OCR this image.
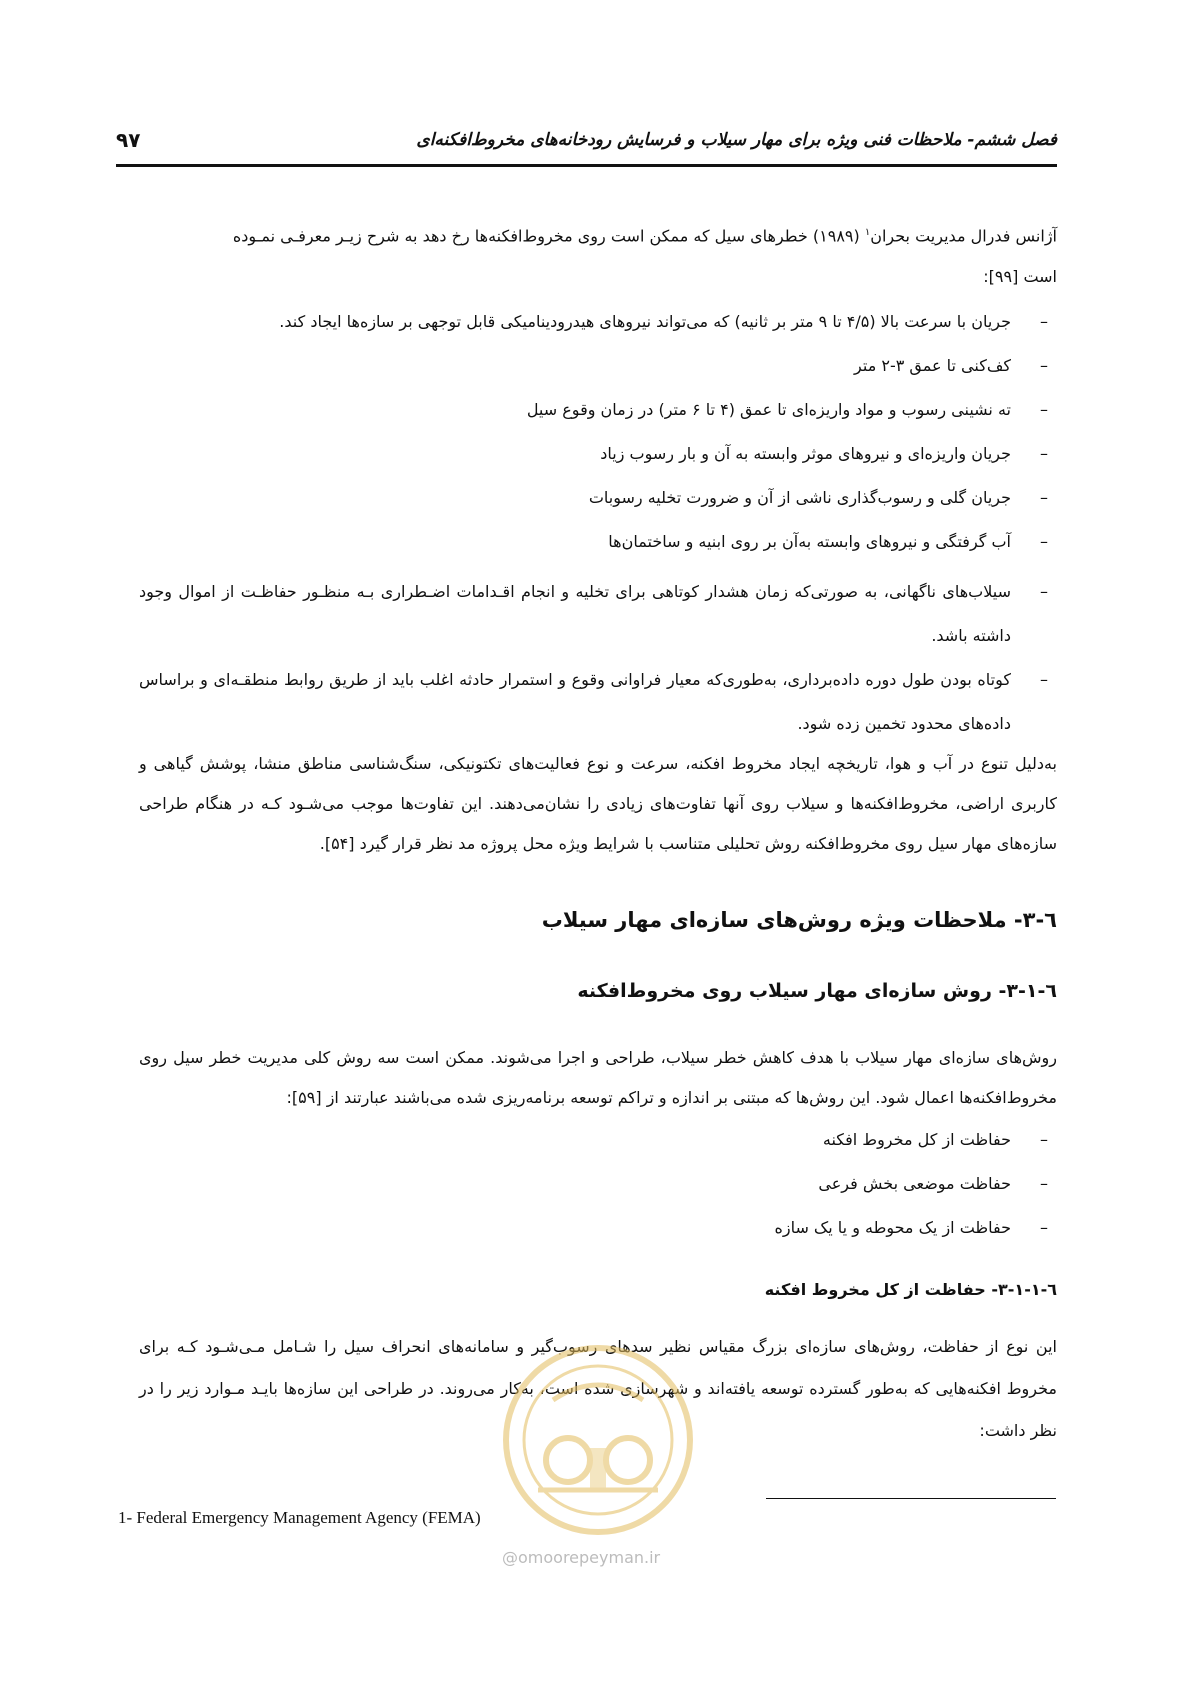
فصل ششم- ملاحظات فنی ویژه برای مهار سیلاب و فرسایش رودخانه‌های مخروط‌افکنه‌ای
۹۷
آژانس فدرال مدیریت بحران$^۱$ (۱۹۸۹) خطرهای سیل که ممکن است روی مخروط‌افکنه‌ها رخ دهد به شرح زیـر معرفـی نمـوده
است [۹۹]:
–
جریان با سرعت بالا (۴/۵ تا ۹ متر بر ثانیه) که می‌تواند نیروهای هیدرودینامیکی قابل توجهی بر سازه‌ها ایجاد کند.
–
کف‌کنی تا عمق ۳-۲ متر
–
ته نشینی رسوب و مواد واریزه‌ای تا عمق (۴ تا ۶ متر) در زمان وقوع سیل
–
جریان واریزه‌ای و نیروهای موثر وابسته به آن و بار رسوب زیاد
–
جریان گلی و رسوب‌گذاری ناشی از آن و ضرورت تخلیه رسوبات
–
آب گرفتگی و نیروهای وابسته به‌آن بر روی ابنیه و ساختمان‌ها
–
سیلاب‌های ناگهانی، به صورتی‌که زمان هشدار کوتاهی برای تخلیه و انجام اقـدامات اضـطراری بـه منظـور حفاظـت از اموال وجود داشته باشد.
–
کوتاه بودن طول دوره داده‌برداری، به‌طوری‌که معیار فراوانی وقوع و استمرار حادثه اغلب باید از طریق روابط منطقـه‌ای و براساس داده‌های محدود تخمین زده شود.
به‌دلیل تنوع در آب و هوا، تاریخچه ایجاد مخروط افکنه، سرعت و نوع فعالیت‌های تکتونیکی، سنگ‌شناسی مناطق منشا، پوشش گیاهی و کاربری اراضی، مخروط‌افکنه‌ها و سیلاب روی آنها تفاوت‌های زیادی را نشان‌می‌دهند. این تفاوت‌ها موجب می‌شـود کـه در هنگام طراحی سازه‌های مهار سیل روی مخروط‌افکنه روش تحلیلی متناسب با شرایط ویژه محل پروژه مد نظر قرار گیرد [۵۴].
٦-۳- ملاحظات ویژه روش‌های سازه‌ای مهار سیلاب
٦-۳-۱- روش سازه‌ای مهار سیلاب روی مخروط‌افکنه
روش‌های سازه‌ای مهار سیلاب با هدف کاهش خطر سیلاب، طراحی و اجرا می‌شوند. ممکن است سه روش کلی مدیریت خطر سیل روی مخروط‌افکنه‌ها اعمال شود. این روش‌ها که مبتنی بر اندازه و تراکم توسعه برنامه‌ریزی شده می‌باشند عبارتند از [۵۹]:
–
حفاظت از کل مخروط افکنه
–
حفاظت موضعی بخش فرعی
–
حفاظت از یک محوطه و یا یک سازه
٦-۳-۱-۱- حفاظت از کل مخروط افکنه
این نوع از حفاظت، روش‌های سازه‌ای بزرگ مقیاس نظیر سدهای رسوب‌گیر و سامانه‌های انحراف سیل را شـامل مـی‌شـود کـه برای مخروط افکنه‌هایی که به‌طور گسترده توسعه یافته‌اند و شهرسازی شده است، به‌کار می‌روند. در طراحی این سازه‌ها بایـد مـوارد زیر را در نظر داشت:
@omoorepeyman.ir
1- Federal Emergency Management Agency (FEMA)
